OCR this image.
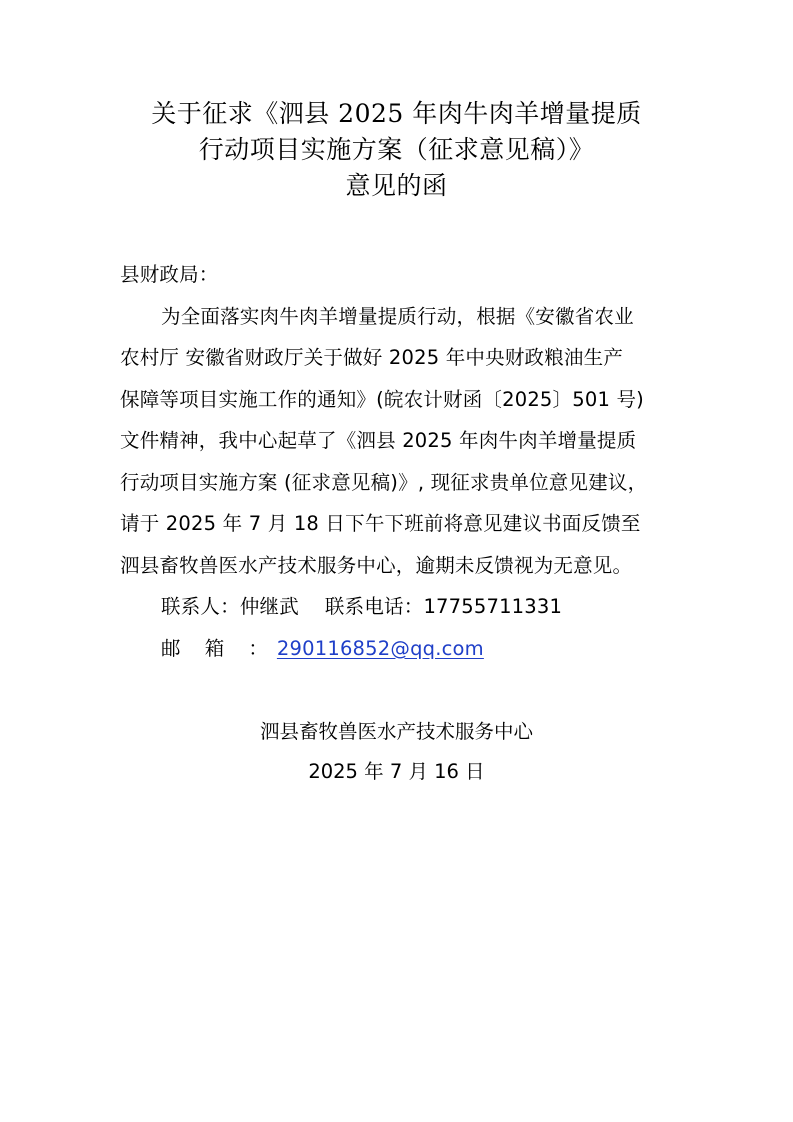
关于征求《泗县 2025 年肉牛肉羊增量提质
行动项目实施方案（征求意见稿）》
意见的函
县财政局：
为全面落实肉牛肉羊增量提质行动，根据《安徽省农业
农村厅 安徽省财政厅关于做好 2025 年中央财政粮油生产
保障等项目实施工作的通知》(皖农计财函〔2025〕501 号)
文件精神，我中心起草了《泗县 2025 年肉牛肉羊增量提质
行动项目实施方案 (征求意见稿)》, 现征求贵单位意见建议，
请于 2025 年 7 月 18 日下午下班前将意见建议书面反馈至
泗县畜牧兽医水产技术服务中心，逾期未反馈视为无意见。
联系人：仲继武 联系电话：17755711331
邮 箱 ：290116852@qq.com
泗县畜牧兽医水产技术服务中心
2025 年 7 月 16 日
